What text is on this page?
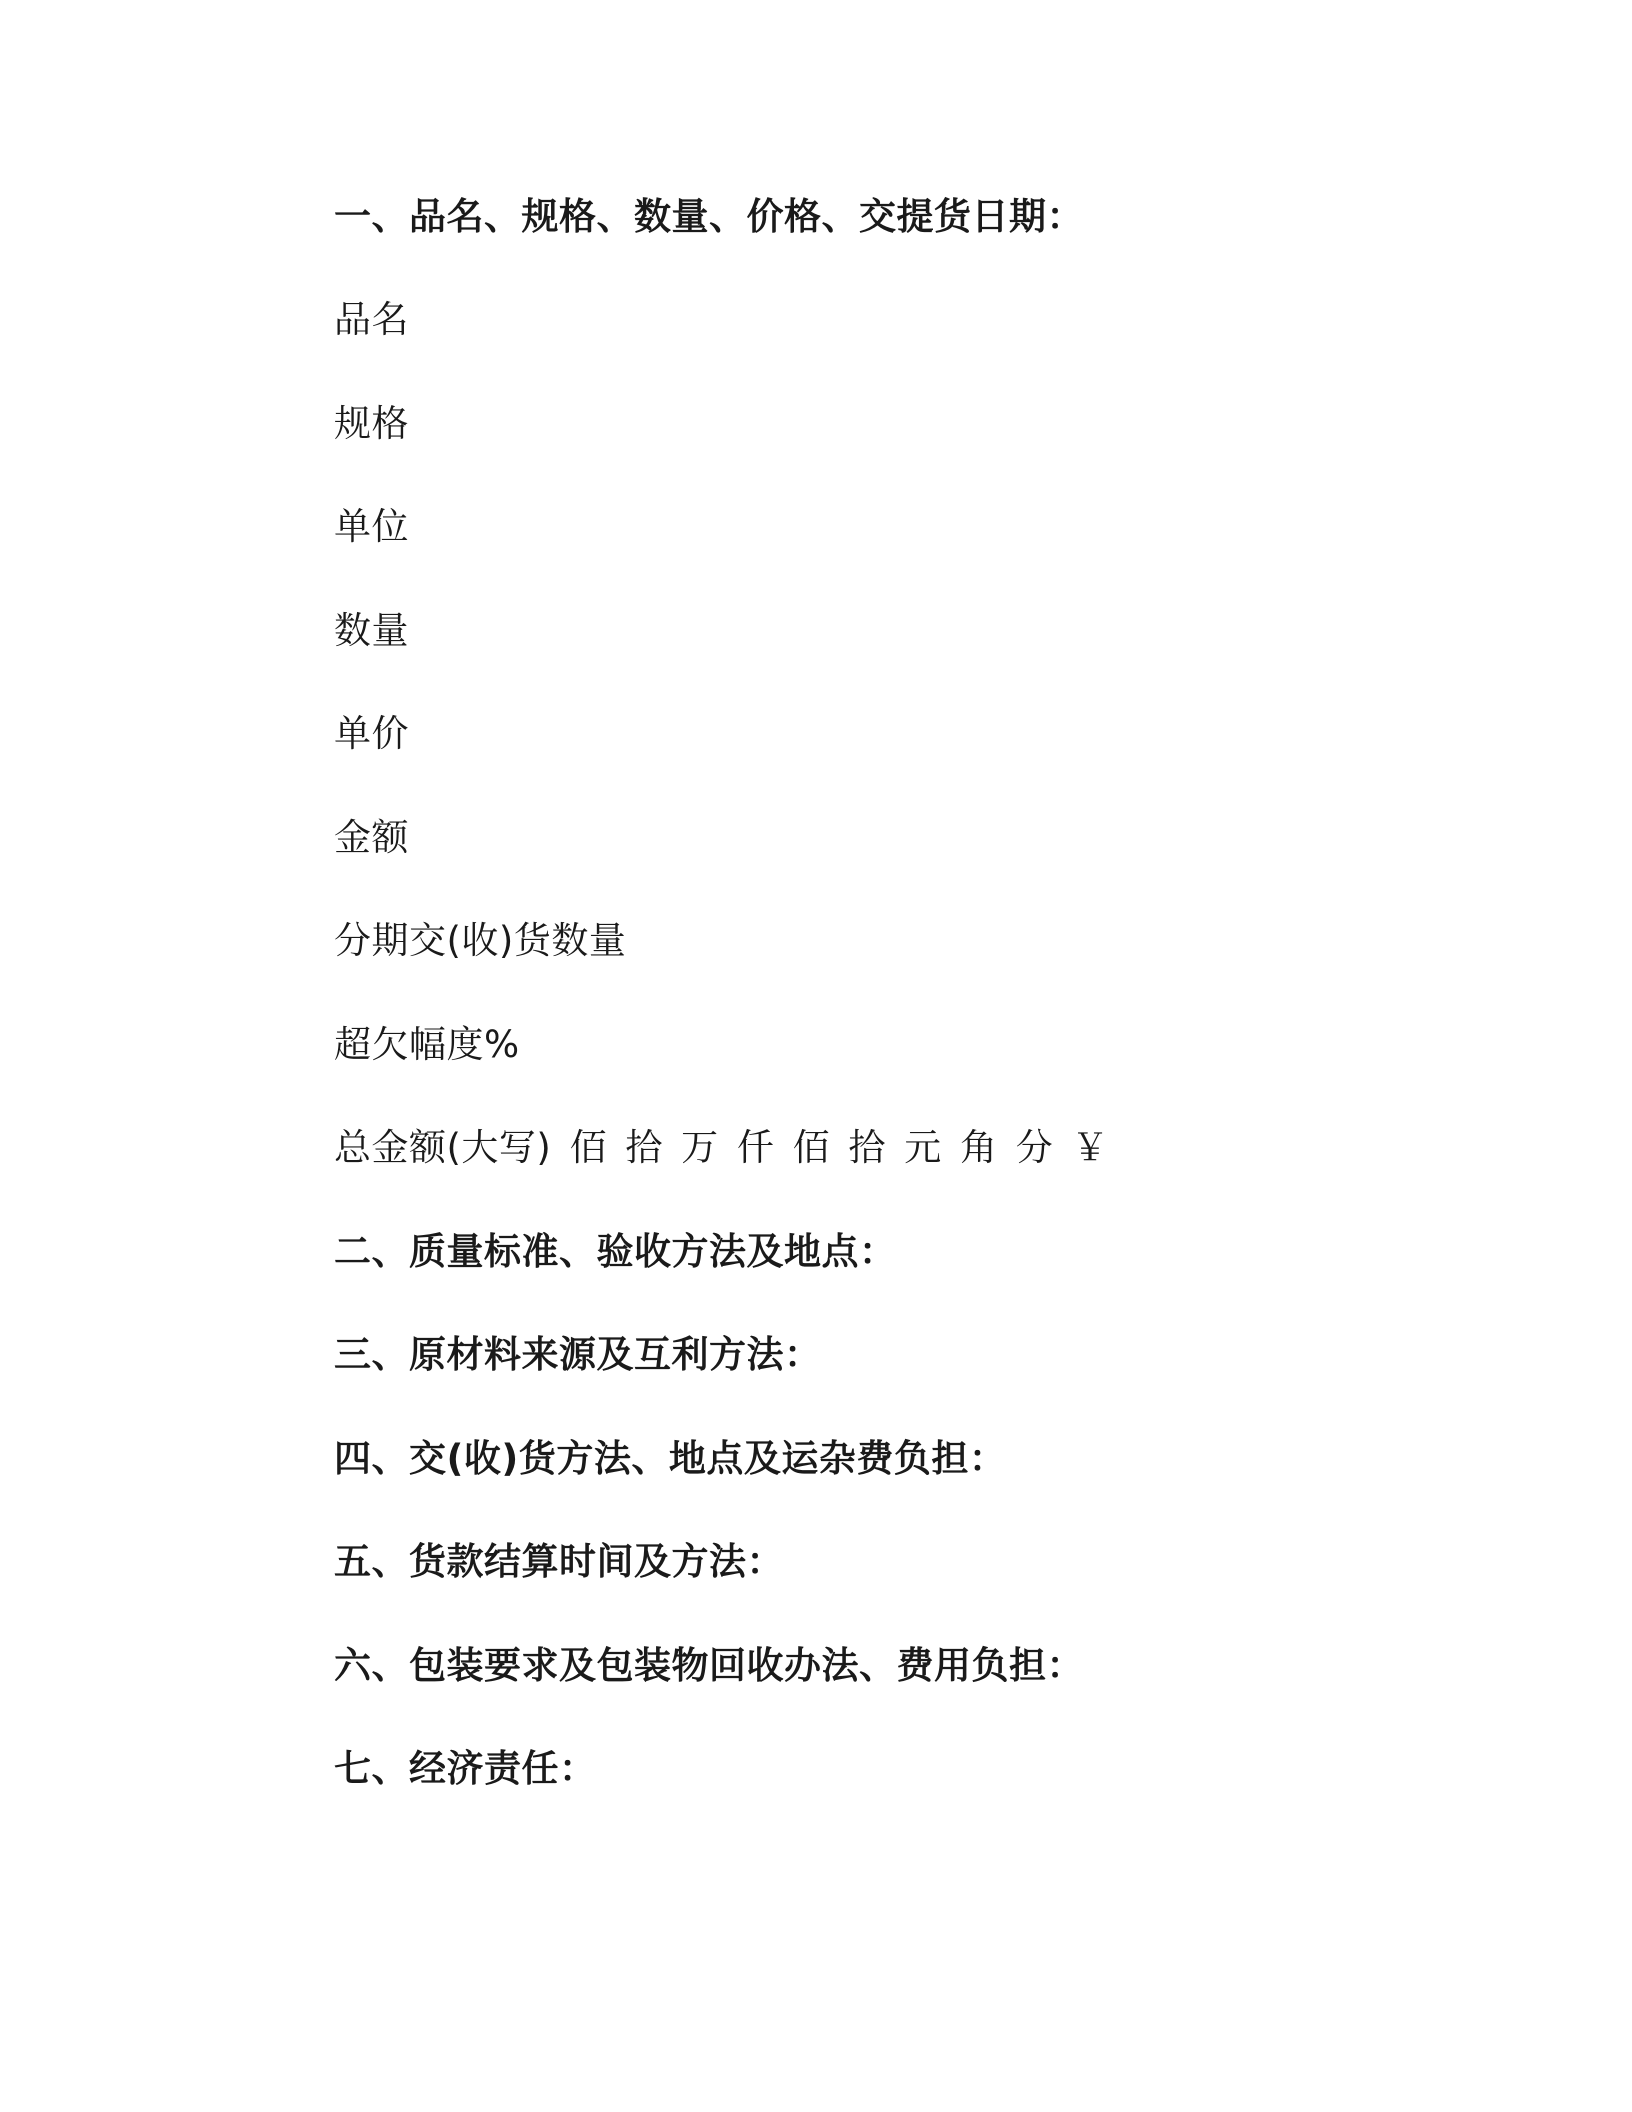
一、品名、规格、数量、价格、交提货日期：

品名

规格

单位

数量

单价

金额

分期交(收)货数量

超欠幅度%

总金额(大写) 佰 拾 万 仟 佰 拾 元 角 分 ￥

二、质量标准、验收方法及地点：

三、原材料来源及互利方法：

四、交(收)货方法、地点及运杂费负担：

五、货款结算时间及方法：

六、包装要求及包装物回收办法、费用负担：

七、经济责任：
